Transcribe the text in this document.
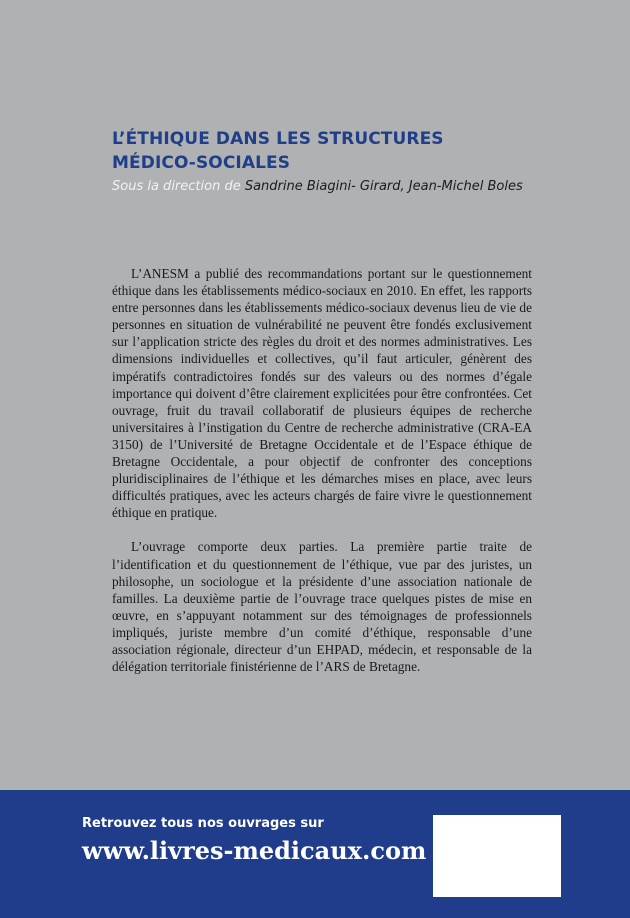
L’ÉTHIQUE DANS LES STRUCTURES
MÉDICO-SOCIALES
Sous la direction de Sandrine Biagini- Girard, Jean-Michel Boles

L’ANESM a publié des recommandations portant sur le questionnement éthique dans les établissements médico-sociaux en 2010. En effet, les rapports entre personnes dans les établissements médico-sociaux devenus lieu de vie de personnes en situation de vulnérabilité ne peuvent être fondés exclusivement sur l’application stricte des règles du droit et des normes administratives. Les dimensions individuelles et collectives, qu’il faut articuler, génèrent des impératifs contradictoires fondés sur des valeurs ou des normes d’égale importance qui doivent d’être clairement explicitées pour être confrontées. Cet ouvrage, fruit du travail collaboratif de plusieurs équipes de recherche universitaires à l’instigation du Centre de recherche administrative (CRA-EA 3150) de l’Université de Bretagne Occidentale et de l’Espace éthique de Bretagne Occidentale, a pour objectif de confronter des conceptions pluridisciplinaires de l’éthique et les démarches mises en place, avec leurs difficultés pratiques, avec les acteurs chargés de faire vivre le questionnement éthique en pratique.

L’ouvrage comporte deux parties. La première partie traite de l’identification et du questionnement de l’éthique, vue par des juristes, un philosophe, un sociologue et la présidente d’une association nationale de familles. La deuxième partie de l’ouvrage trace quelques pistes de mise en œuvre, en s’appuyant notamment sur des témoignages de professionnels impliqués, juriste membre d’un comité d’éthique, responsable d’une association régionale, directeur d’un EHPAD, médecin, et responsable de la délégation territoriale finistérienne de l’ARS de Bretagne.

Retrouvez tous nos ouvrages sur
www.livres-medicaux.com
